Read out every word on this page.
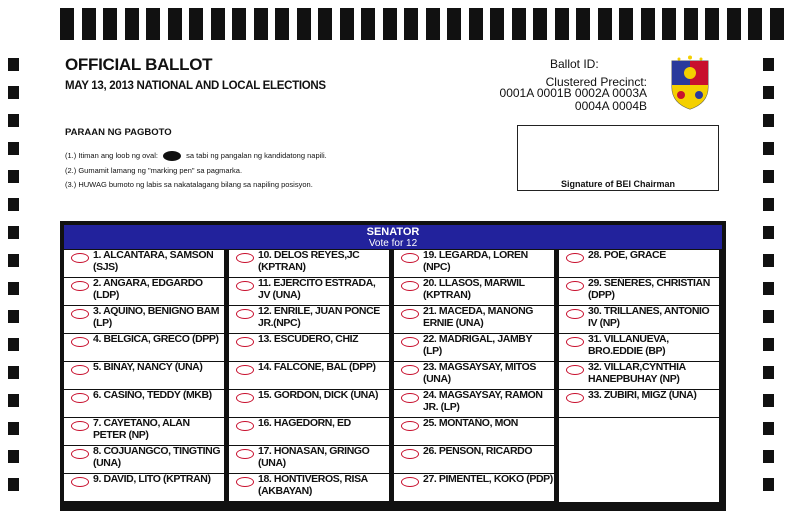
OFFICIAL BALLOT
MAY 13, 2013 NATIONAL AND LOCAL ELECTIONS
Ballot ID:
Clustered Precinct:
0001A 0001B 0002A 0003A 0004A 0004B
PARAAN NG PAGBOTO
(1.) Itiman ang loob ng oval:	sa tabi ng pangalan ng kandidatong napili.
(2.) Gumamit lamang ng "marking pen" sa pagmarka.
(3.) HUWAG bumoto ng labis sa nakatalagang bilang sa napiling posisyon.	Signature of BEI Chairman
SENATOR
Vote for 12
1. ALCANTARA, SAMSON (SJS)
2. ANGARA, EDGARDO (LDP)
3. AQUINO, BENIGNO BAM (LP)
4. BELGICA, GRECO (DPP)
5. BINAY, NANCY (UNA)
6. CASIÑO, TEDDY (MKB)
7. CAYETANO, ALAN PETER (NP)
8. COJUANGCO, TINGTING (UNA)
9. DAVID, LITO (KPTRAN)
10. DELOS REYES,JC (KPTRAN)
11. EJERCITO ESTRADA, JV (UNA)
12. ENRILE, JUAN PONCE JR.(NPC)
13. ESCUDERO, CHIZ
14. FALCONE, BAL (DPP)
15. GORDON, DICK (UNA)
16. HAGEDORN, ED
17. HONASAN, GRINGO (UNA)
18. HONTIVEROS, RISA (AKBAYAN)
19. LEGARDA, LOREN (NPC)
20. LLASOS, MARWIL (KPTRAN)
21. MACEDA, MANONG ERNIE (UNA)
22. MADRIGAL, JAMBY (LP)
23. MAGSAYSAY, MITOS (UNA)
24. MAGSAYSAY, RAMON JR. (LP)
25. MONTAÑO, MON
26. PENSON, RICARDO
27. PIMENTEL, KOKO (PDP)
28. POE, GRACE
29. SEÑERES, CHRISTIAN (DPP)
30. TRILLANES, ANTONIO IV (NP)
31. VILLANUEVA, BRO.EDDIE (BP)
32. VILLAR,CYNTHIA HANEPBUHAY (NP)
33. ZUBIRI, MIGZ (UNA)
